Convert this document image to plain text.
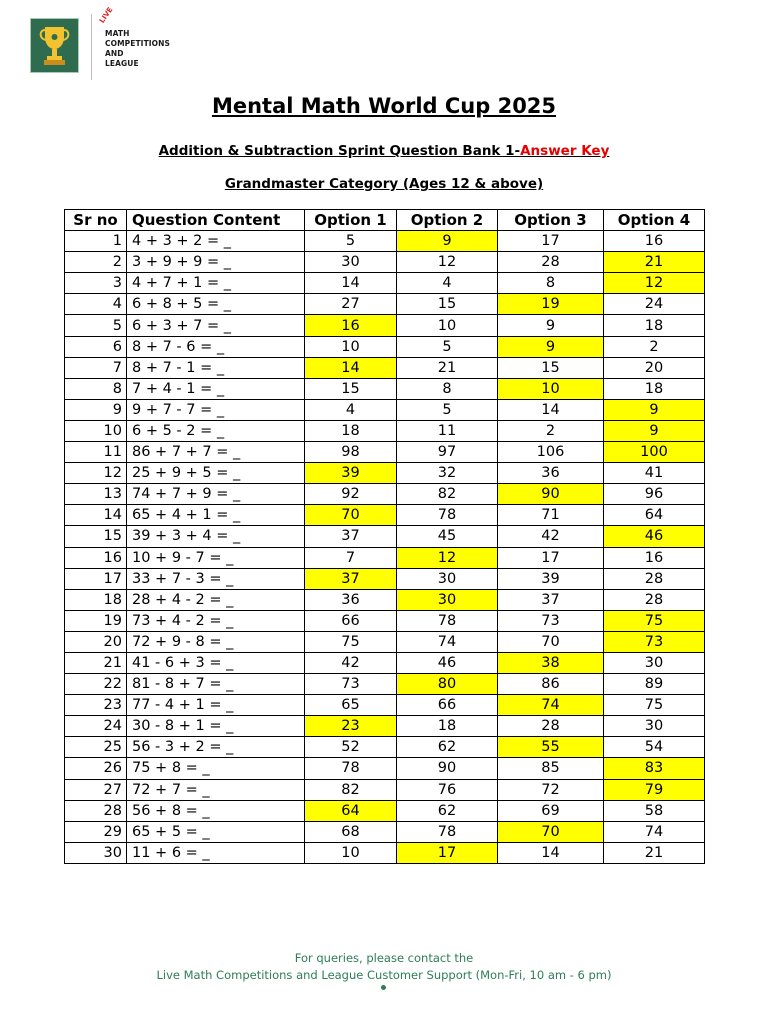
LIVE
MATH
COMPETITIONS
AND
LEAGUE
Mental Math World Cup 2025
Addition & Subtraction Sprint Question Bank 1-Answer Key
Grandmaster Category (Ages 12 & above)
Sr no	Question Content	Option 1	Option 2	Option 3	Option 4
1	4 + 3 + 2 = _	5	9	17	16
2	3 + 9 + 9 = _	30	12	28	21
3	4 + 7 + 1 = _	14	4	8	12
4	6 + 8 + 5 = _	27	15	19	24
5	6 + 3 + 7 = _	16	10	9	18
6	8 + 7 - 6 = _	10	5	9	2
7	8 + 7 - 1 = _	14	21	15	20
8	7 + 4 - 1 = _	15	8	10	18
9	9 + 7 - 7 = _	4	5	14	9
10	6 + 5 - 2 = _	18	11	2	9
11	86 + 7 + 7 = _	98	97	106	100
12	25 + 9 + 5 = _	39	32	36	41
13	74 + 7 + 9 = _	92	82	90	96
14	65 + 4 + 1 = _	70	78	71	64
15	39 + 3 + 4 = _	37	45	42	46
16	10 + 9 - 7 = _	7	12	17	16
17	33 + 7 - 3 = _	37	30	39	28
18	28 + 4 - 2 = _	36	30	37	28
19	73 + 4 - 2 = _	66	78	73	75
20	72 + 9 - 8 = _	75	74	70	73
21	41 - 6 + 3 = _	42	46	38	30
22	81 - 8 + 7 = _	73	80	86	89
23	77 - 4 + 1 = _	65	66	74	75
24	30 - 8 + 1 = _	23	18	28	30
25	56 - 3 + 2 = _	52	62	55	54
26	75 + 8 = _	78	90	85	83
27	72 + 7 = _	82	76	72	79
28	56 + 8 = _	64	62	69	58
29	65 + 5 = _	68	78	70	74
30	11 + 6 = _	10	17	14	21
For queries, please contact the
Live Math Competitions and League Customer Support (Mon-Fri, 10 am - 6 pm)
